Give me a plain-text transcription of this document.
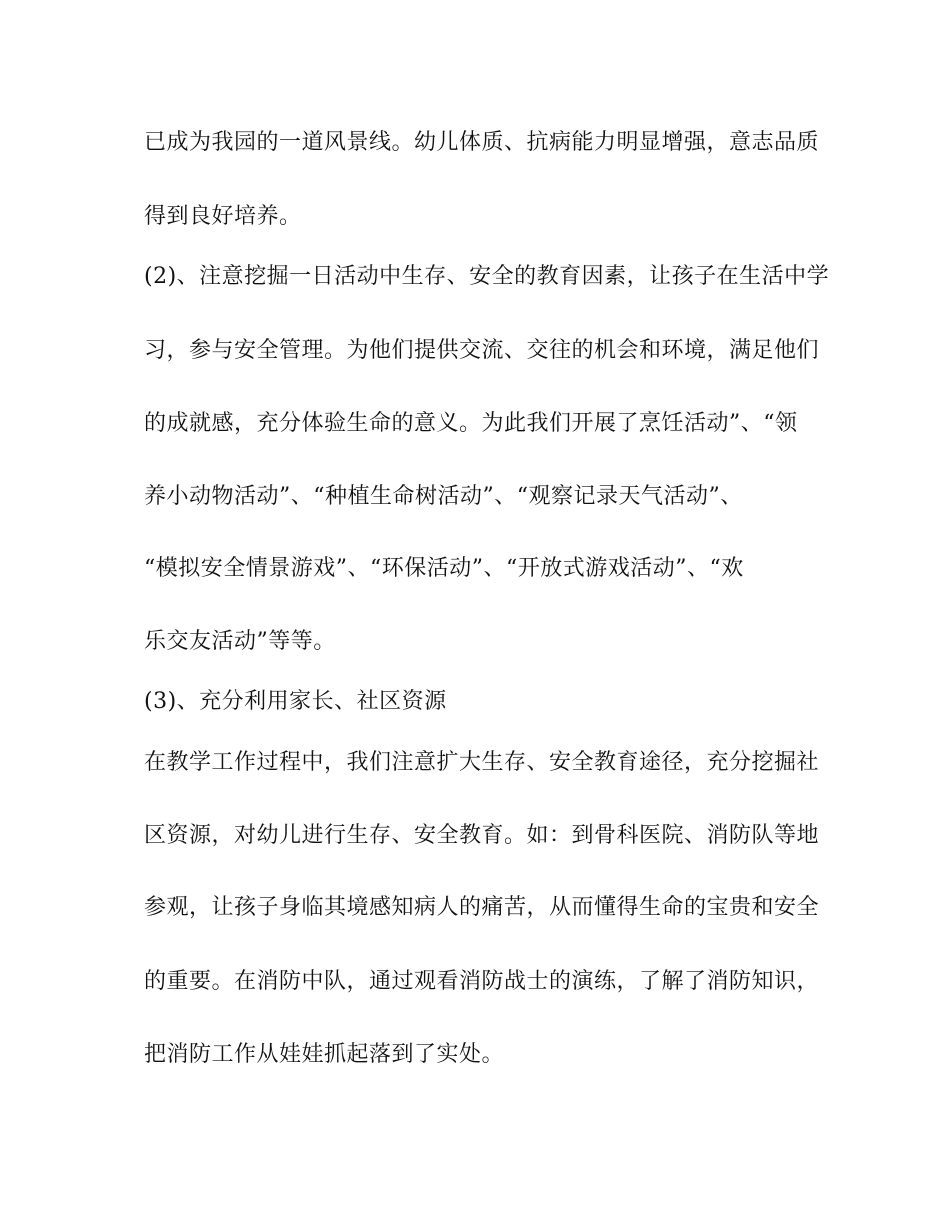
已成为我园的一道风景线。幼儿体质、抗病能力明显增强，意志品质
得到良好培养。
(2)、注意挖掘一日活动中生存、安全的教育因素，让孩子在生活中学
习，参与安全管理。为他们提供交流、交往的机会和环境，满足他们
的成就感，充分体验生命的意义。为此我们开展了烹饪活动”、“领
养小动物活动”、“种植生命树活动”、“观察记录天气活动”、
“模拟安全情景游戏”、“环保活动”、“开放式游戏活动”、“欢
乐交友活动”等等。
(3)、充分利用家长、社区资源
在教学工作过程中，我们注意扩大生存、安全教育途径，充分挖掘社
区资源，对幼儿进行生存、安全教育。如：到骨科医院、消防队等地
参观，让孩子身临其境感知病人的痛苦，从而懂得生命的宝贵和安全
的重要。在消防中队，通过观看消防战士的演练，了解了消防知识，
把消防工作从娃娃抓起落到了实处。
